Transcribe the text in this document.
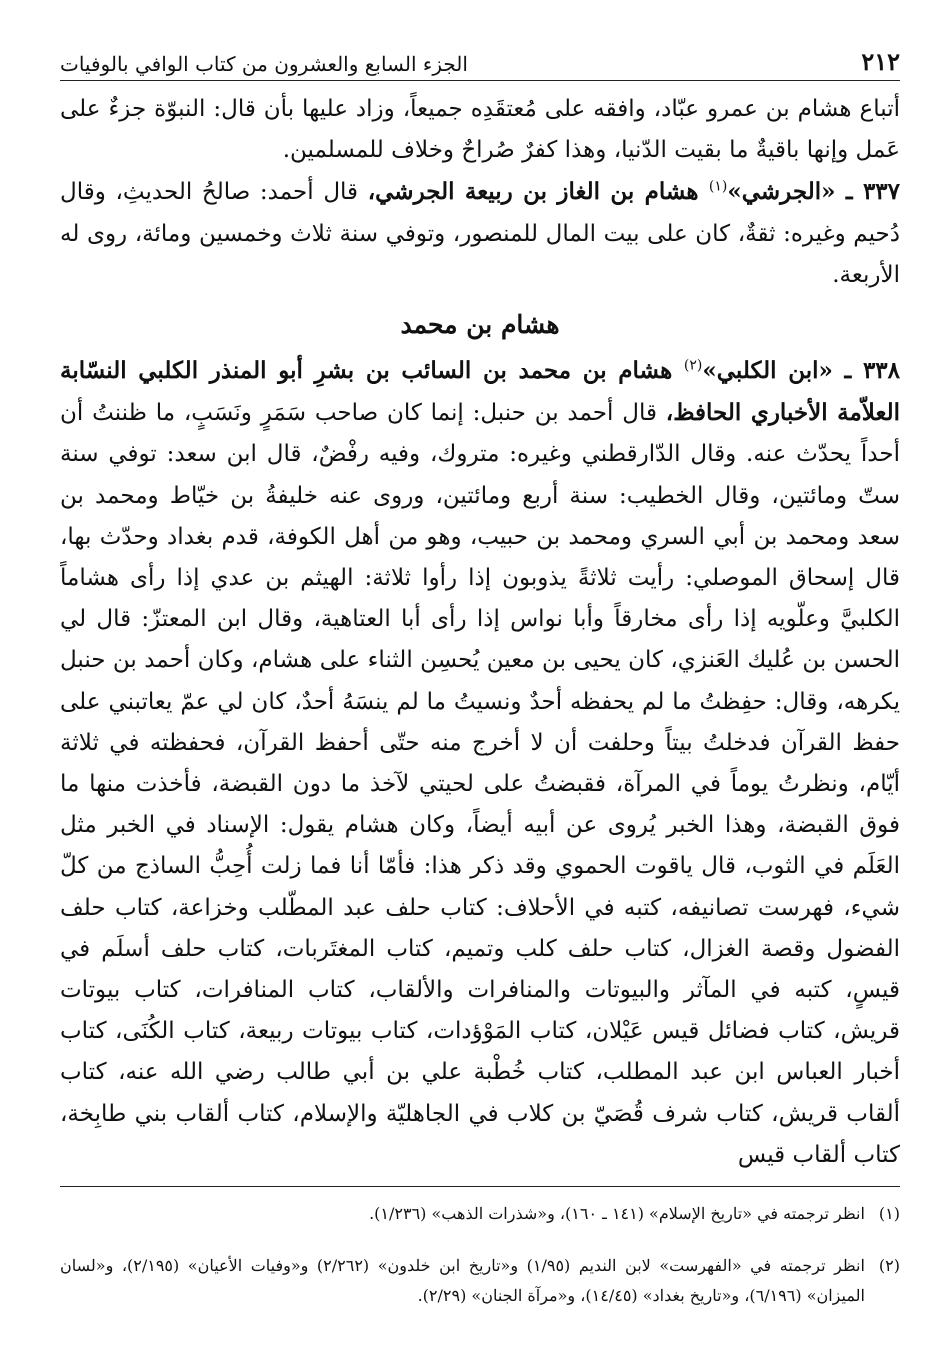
٢١٢
الجزء السابع والعشرون من كتاب الوافي بالوفيات

أتباع هشام بن عمرو عبّاد، وافقه على مُعتقَدِه جميعاً، وزاد عليها بأن قال: النبوّة جزءٌ على عَمل وإنها باقيةٌ ما بقيت الدّنيا، وهذا كفرٌ صُراحٌ وخلاف للمسلمين.

٣٣٧ ـ «الجرشي»$^{(١)}$ هشام بن الغاز بن ربيعة الجرشي، قال أحمد: صالحُ الحديثِ، وقال دُحيم وغيره: ثقةٌ، كان على بيت المال للمنصور، وتوفي سنة ثلاث وخمسين ومائة، روى له الأربعة.

هشام بن محمد

٣٣٨ ـ «ابن الكلبي»$^{(٢)}$ هشام بن محمد بن السائب بن بشرِ أبو المنذر الكلبي النسّابة العلاّمة الأخباري الحافظ، قال أحمد بن حنبل: إنما كان صاحب سَمَرٍ ونَسَبٍ، ما ظننتُ أن أحداً يحدّث عنه. وقال الدّارقطني وغيره: متروك، وفيه رفْضٌ، قال ابن سعد: توفي سنة ستّ ومائتين، وقال الخطيب: سنة أربع ومائتين، وروى عنه خليفةُ بن خيّاط ومحمد بن سعد ومحمد بن أبي السري ومحمد بن حبيب، وهو من أهل الكوفة، قدم بغداد وحدّث بها، قال إسحاق الموصلي: رأيت ثلاثةً يذوبون إذا رأوا ثلاثة: الهيثم بن عدي إذا رأى هشاماً الكلبيَّ وعلّويه إذا رأى مخارقاً وأبا نواس إذا رأى أبا العتاهية، وقال ابن المعتزّ: قال لي الحسن بن عُليك العَنزي، كان يحيى بن معين يُحسِن الثناء على هشام، وكان أحمد بن حنبل يكرهه، وقال: حفِظتُ ما لم يحفظه أحدٌ ونسيتُ ما لم ينسَهُ أحدٌ، كان لي عمّ يعاتبني على حفظ القرآن فدخلتُ بيتاً وحلفت أن لا أخرج منه حتّى أحفظ القرآن، فحفظته في ثلاثة أيّام، ونظرتُ يوماً في المرآة، فقبضتُ على لحيتي لآخذ ما دون القبضة، فأخذت منها ما فوق القبضة، وهذا الخبر يُروى عن أبيه أيضاً، وكان هشام يقول: الإسناد في الخبر مثل العَلَم في الثوب، قال ياقوت الحموي وقد ذكر هذا: فأمّا أنا فما زلت أُحِبُّ الساذج من كلّ شيء، فهرست تصانيفه، كتبه في الأحلاف: كتاب حلف عبد المطّلب وخزاعة، كتاب حلف الفضول وقصة الغزال، كتاب حلف كلب وتميم، كتاب المغتَربات، كتاب حلف أسلَم في قيسٍ، كتبه في المآثر والبيوتات والمنافرات والألقاب، كتاب المنافرات، كتاب بيوتات قريش، كتاب فضائل قيس عَيْلان، كتاب المَوْؤدات، كتاب بيوتات ربيعة، كتاب الكُنَى، كتاب أخبار العباس ابن عبد المطلب، كتاب خُطْبة علي بن أبي طالب رضي الله عنه، كتاب ألقاب قريش، كتاب شرف قُصَيّ بن كلاب في الجاهليّة والإسلام، كتاب ألقاب بني طابِخة، كتاب ألقاب قيس

(١)
انظر ترجمته في «تاريخ الإسلام» (١٤١ ـ ١٦٠)، و«شذرات الذهب» (١/٢٣٦).

(٢)
انظر ترجمته في «الفهرست» لابن النديم (١/٩٥) و«تاريخ ابن خلدون» (٢/٢٦٢) و«وفيات الأعيان» (٢/١٩٥)، و«لسان الميزان» (٦/١٩٦)، و«تاريخ بغداد» (١٤/٤٥)، و«مرآة الجنان» (٢/٢٩).
